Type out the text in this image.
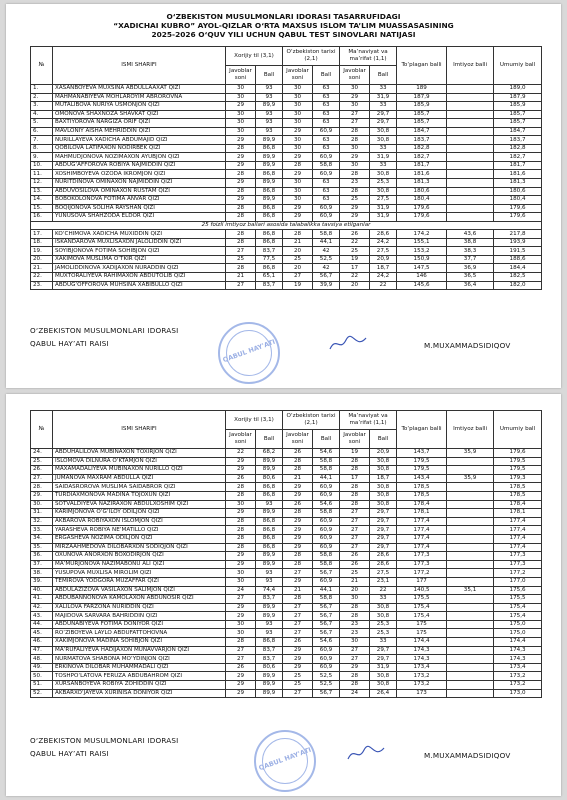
O‘ZBEKISTON MUSULMONLARI IDORASI TASARRUFIDAGI
“XADICHAI KUBRO” AYOL-QIZLAR O‘RTA MAXSUS ISLOM TA’LIM MUASSASASINING
2025-2026 O‘QUV YILI UCHUN QABUL TEST SINOVLARI NATIJASI
№	ISMI SHARIFI	Xorijiy til (3,1)		O‘zbekiston tarixi (2,1)		Ma’naviyat va ma’rifat (1,1)		To‘plagan balli	Imtiyoz balli	Umumiy ball
		Javoblar soni	Ball	Javoblar soni	Ball	Javoblar soni	Ball			
1.	XASANBOYEVA MUXSINA ABDULLAAXAT QIZI	30	93	30	63	30	33	189		189,0
2.	MAHMANABIYEVA MOHLAROYIM ABROROVNA	30	93	30	63	29	31,9	187,9		187,9
3.	MUTALIBOVA NURIYA USMONJON QIZI	29	89,9	30	63	30	33	185,9		185,9
4.	OMONOVA SHAXNOZA SHAVKAT QIZI	30	93	30	63	27	29,7	185,7		185,7
5.	BAXTIYOROVA NARGIZA ORIF QIZI	30	93	30	63	27	29,7	185,7		185,7
6.	MAVLONIY AISHA MEHRIDDIN QIZI	30	93	29	60,9	28	30,8	184,7		184,7
7.	NURILLAYEVA XADICHA ABDUMAJID QIZI	29	89,9	30	63	28	30,8	183,7		183,7
8.	QOBILOVA LATIFAXON NODIRBEK QIZI	28	86,8	30	63	30	33	182,8		182,8
9.	MAHMUDJONOVA NOZIMAXON AYUBJON QIZI	29	89,9	29	60,9	29	31,9	182,7		182,7
10.	ABDUG‘AFFOROVA ROBIYA NAJMIDDIN QIZI	29	89,9	28	58,8	30	33	181,7		181,7
11.	XOSHIMBOYEVA OZODA IKROMJON QIZI	28	86,8	29	60,9	28	30,8	181,6		181,6
12.	NURITDINOVA OMINAXON NAJMIDDIN QIZI	29	89,9	30	63	23	25,3	181,3		181,3
13.	ABDUVOSILOVA OMINAXON RUSTAM QIZI	28	86,8	30	63	28	30,8	180,6		180,6
14.	BOBOKOLONOVA FOTIMA ANVAR QIZI	29	89,9	30	63	25	27,5	180,4		180,4
15.	BOQIJONOVA SOLIHA RAYSHAN QIZI	28	86,8	29	60,9	29	31,9	179,6		179,6
16.	YUNUSOVA SHAHZODA ELDOR QIZI	28	86,8	29	60,9	29	31,9	179,6		179,6
25 foizli imtiyoz ballari asosida talabalikka tavsiya etilganlar										
17.	KO‘CHIMOVA XADICHA MUXIDDIN QIZI	28	86,8	28	58,8	26	28,6	174,2	43,6	217,8
18.	ISKANDAROVA MUXLISAXON JALOLIDDIN QIZI	28	86,8	21	44,1	22	24,2	155,1	38,8	193,9
19.	SOYIBJONOVA FOTIMA SOHIBJON QIZI	27	83,7	20	42	25	27,5	153,2	38,3	191,5
20.	XAKIMOVA MUSLIMA O‘TKIR QIZI	25	77,5	25	52,5	19	20,9	150,9	37,7	188,6
21.	JAMOLIDDINOVA XADIJAXON NURADDIN QIZI	28	86,8	20	42	17	18,7	147,5	36,9	184,4
22.	MUXTORALIYEVA RAHIMAXON ABDUTOLIB QIZI	21	65,1	27	56,7	22	24,2	146	36,5	182,5
23.	ABDUG‘OFFOROVA MUHSINA XABIBULLO QIZI	27	83,7	19	39,9	20	22	145,6	36,4	182,0
O‘ZBEKISTON MUSULMONLARI IDORASI
QABUL HAY’ATI RAISI	QABUL HAY'ATI	M.MUXAMMADSIDIQOV
№	ISMI SHARIFI	Xorijiy til (3,1)		O‘zbekiston tarixi (2,1)		Ma’naviyat va ma’rifat (1,1)		To‘plagan balli	Imtiyoz balli	Umumiy ball
		Javoblar soni	Ball	Javoblar soni	Ball	Javoblar soni	Ball			
24.	ABDUHALILOVA MUBINAXON TOXIRJON QIZI	22	68,2	26	54,6	19	20,9	143,7	35,9	179,6
25.	ISLOMOVA DILNURA O‘KTAMJON QIZI	29	89,9	28	58,8	28	30,8	179,5		179,5
26.	MAXAMADALIYEVA MUBINAXON NURILLO QIZI	29	89,9	28	58,8	28	30,8	179,5		179,5
27.	JUMANOVA MAXRAM ABDULLA QIZI	26	80,6	21	44,1	17	18,7	143,4	35,9	179,3
28.	SAIDASROROVA MUSLIMA SAIDABROR QIZI	28	86,8	29	60,9	28	30,8	178,5		178,5
29.	TURDIAXMONOVA MADINA TOJOXUN QIZI	28	86,8	29	60,9	28	30,8	178,5		178,5
30.	SOTVALDIYEVA NAZIRAXON ABDULXOSHIM QIZI	30	93	26	54,6	28	30,8	178,4		178,4
31.	KARIMJONOVA O‘G‘ILOY ODILJON QIZI	29	89,9	28	58,8	27	29,7	178,1		178,1
32.	AKBAROVA ROBIYAXON ISLOMJON QIZI	28	86,8	29	60,9	27	29,7	177,4		177,4
33.	YARASHEVA ROBIYA NE’MATILLO QIZI	28	86,8	29	60,9	27	29,7	177,4		177,4
34.	ERGASHEVA NOZIMA ODILJON QIZI	28	86,8	29	60,9	27	29,7	177,4		177,4
35.	MIRZAAHMEDOVA DILOBARXON SODIQJON QIZI	28	86,8	29	60,9	27	29,7	177,4		177,4
36.	OXUNOVA ANORXON BOXODIRJON QIZI	29	89,9	28	58,8	26	28,6	177,3		177,3
37.	MA’MURJONOVA NAZIMABONU ALI QIZI	29	89,9	28	58,8	26	28,6	177,3		177,3
38.	YUSUPOVA MUXLISA MIROLIM QIZI	30	93	27	56,7	25	27,5	177,2		177,2
39.	TEMIROVA YODGORA MUZAFFAR QIZI	30	93	29	60,9	21	23,1	177		177,0
40.	ABDULAZIZOVA VASILAXON SALIMJON QIZI	24	74,4	21	44,1	20	22	140,5	35,1	175,6
41.	ABDUBANNONOVA KAMOLAXON ABDUNOSIR QIZI	27	83,7	28	58,8	30	33	175,5		175,5
42.	XALILOVA FARZONA NURIDDIN QIZI	29	89,9	27	56,7	28	30,8	175,4		175,4
43.	MAJIDOVA SARVARA BAHRIDDIN QIZI	29	89,9	27	56,7	28	30,8	175,4		175,4
44.	ABDUNABIYEVA FOTIMA DONIYOR QIZI	30	93	27	56,7	23	25,3	175		175,0
45.	RO‘ZIBOYEVA LAYLO ABDUFATTOHOVNA	30	93	27	56,7	23	25,3	175		175,0
46.	XAKIMJONOVA MADINA SOHIBJON QIZI	28	86,8	26	54,6	30	33	174,4		174,4
47.	MA’RUFALIYEVA HADIJAXON MUNAVVARJON QIZI	27	83,7	29	60,9	27	29,7	174,3		174,3
48.	NURMATOVA SHABONA MO‘YDINJON QIZI	27	83,7	29	60,9	27	29,7	174,3		174,3
49.	ERKINOVA DILOBAR MUHAMMADALI QIZI	26	80,6	29	60,9	29	31,9	173,4		173,4
50.	TOSHPO‘LATOVA FERUZA ABDUBAHROM QIZI	29	89,9	25	52,5	28	30,8	173,2		173,2
51.	XURSANBOYEVA ROBIYA ZOHIDDIN QIZI	29	89,9	25	52,5	28	30,8	173,2		173,2
52.	AKBARXO‘JAYEVA XURINISA DONIYOR QIZI	29	89,9	27	56,7	24	26,4	173		173,0
O‘ZBEKISTON MUSULMONLARI IDORASI
QABUL HAY’ATI RAISI	QABUL HAY'ATI	M.MUXAMMADSIDIQOV
